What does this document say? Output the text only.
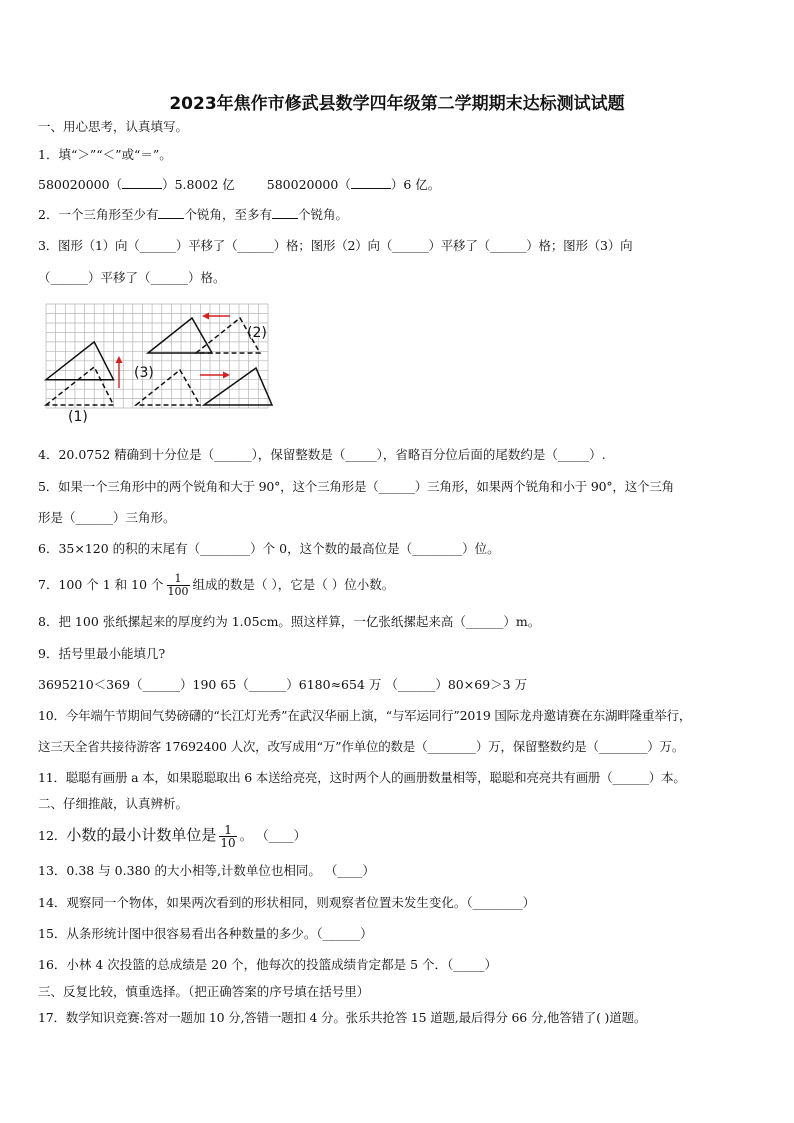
2023年焦作市修武县数学四年级第二学期期末达标测试试题
一、用心思考，认真填写。
1．填“＞”“＜”或“＝”。
580020000（	）5.8002 亿	580020000（	）6 亿。
2．一个三角形至少有 个锐角，至多有 个锐角。
3．图形（1）向（______）平移了（______）格；图形（2）向（______）平移了（______）格；图形（3）向
（______）平移了（______）格。
(1)
(2)
(3)
4．20.0752 精确到十分位是（______），保留整数是（_____），省略百分位后面的尾数约是（_____）.
5．如果一个三角形中的两个锐角和大于 90°，这个三角形是（______）三角形，如果两个锐角和小于 90°，这个三角
形是（______）三角形。
6．35×120 的积的末尾有（________）个 0，这个数的最高位是（________）位。
7．100 个 1 和 10 个 $\frac{1}{100}$ 组成的数是（ ），它是（ ）位小数。
8．把 100 张纸摞起来的厚度约为 1.05cm。照这样算，一亿张纸摞起来高（______）m。
9．括号里最小能填几?
3695210＜369（______）190 65（______）6180≈654 万 （______）80×69＞3 万
10．今年端午节期间气势磅礴的“长江灯光秀”在武汉华丽上演，“与军运同行”2019 国际龙舟邀请赛在东湖畔隆重举行，
这三天全省共接待游客 17692400 人次，改写成用“万”作单位的数是（________）万，保留整数约是（________）万。
11．聪聪有画册 a 本，如果聪聪取出 6 本送给亮亮，这时两个人的画册数量相等，聪聪和亮亮共有画册（______）本。
二、仔细推敲，认真辨析。
12．小数的最小计数单位是 $\frac{1}{10}$ 。 （____）
13．0.38 与 0.380 的大小相等,计数单位也相同。 （____）
14．观察同一个物体，如果两次看到的形状相同，则观察者位置未发生变化。（________）
15．从条形统计图中很容易看出各种数量的多少。（______）
16．小林 4 次投篮的总成绩是 20 个，他每次的投篮成绩肯定都是 5 个．（_____）
三、反复比较，慎重选择。（把正确答案的序号填在括号里）
17．数学知识竞赛:答对一题加 10 分,答错一题扣 4 分。张乐共抢答 15 道题,最后得分 66 分,他答错了( )道题。
